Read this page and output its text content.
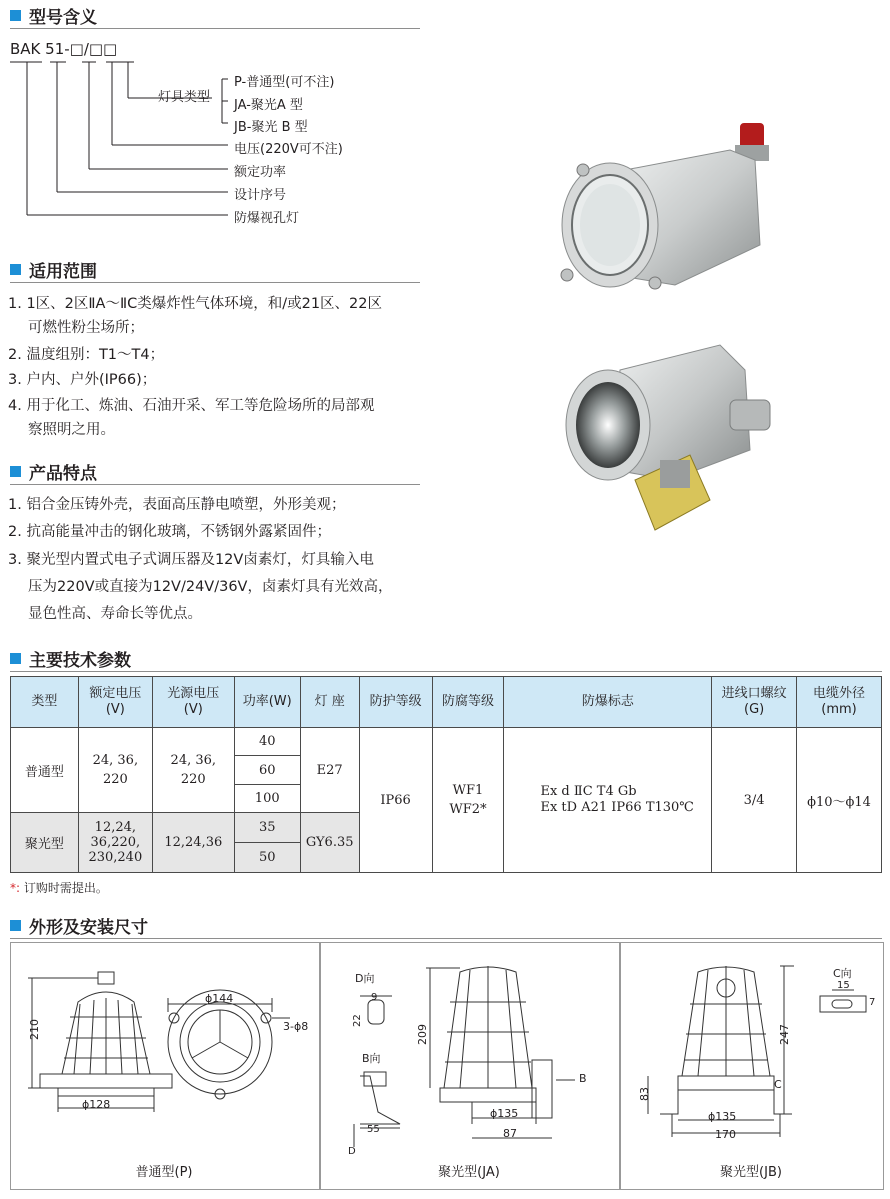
型号含义
BAK 51-□/□□
灯具类型
P-普通型(可不注)
JA-聚光A 型
JB-聚光 B 型
电压(220V可不注)
额定功率
设计序号
防爆视孔灯
适用范围
1. 1区、2区ⅡA～ⅡC类爆炸性气体环境，和/或21区、22区
可燃性粉尘场所；
2. 温度组别：T1～T4；
3. 户内、户外(IP66)；
4. 用于化工、炼油、石油开采、军工等危险场所的局部观
察照明之用。
产品特点
1. 铝合金压铸外壳，表面高压静电喷塑，外形美观；
2. 抗高能量冲击的钢化玻璃，不锈钢外露紧固件；
3. 聚光型内置式电子式调压器及12V卤素灯，灯具输入电
压为220V或直接为12V/24V/36V，卤素灯具有光效高，
显色性高、寿命长等优点。
主要技术参数
类型	额定电压
(V)	光源电压
(V)	功率(W)	灯 座	防护等级	防腐等级	防爆标志	进线口螺纹
(G)	电缆外径
(mm)
普通型	24, 36,
220	24, 36,
220	40	E27	IP66	WF1
WF2*	Ex d ⅡC T4 Gb
Ex tD A21 IP66 T130℃	3/4	ϕ10～ϕ14
			60						
			100						
聚光型	12,24,
36,220,
230,240	12,24,36	35	GY6.35					
			50						
*: 订购时需提出。
外形及安装尺寸
210
ϕ128
ϕ144
3-ϕ8
普通型(P)
D向
9
22
B向
209
55
D
ϕ135
87
B
聚光型(JA)
C向
15
7
247
83
C
ϕ135
170
聚光型(JB)
